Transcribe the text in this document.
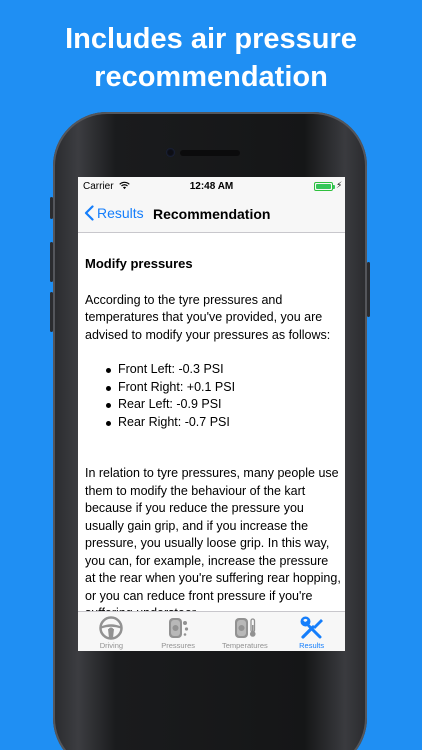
Includes air pressure
recommendation
Carrier	12:48 AM	⚡
Results Recommendation
Modify pressures

According to the tyre pressures and temperatures that you've provided, you are advised to modify your pressures as follows:

Front Left: -0.3 PSI
Front Right: +0.1 PSI
Rear Left: -0.9 PSI
Rear Right: -0.7 PSI

In relation to tyre pressures, many people use them to modify the behaviour of the kart because if you reduce the pressure you usually gain grip, and if you increase the pressure, you usually loose grip. In this way, you can, for example, increase the pressure at the rear when you're suffering rear hopping, or you can reduce front pressure if you're

Driving	Pressures	Temperatures	Results
